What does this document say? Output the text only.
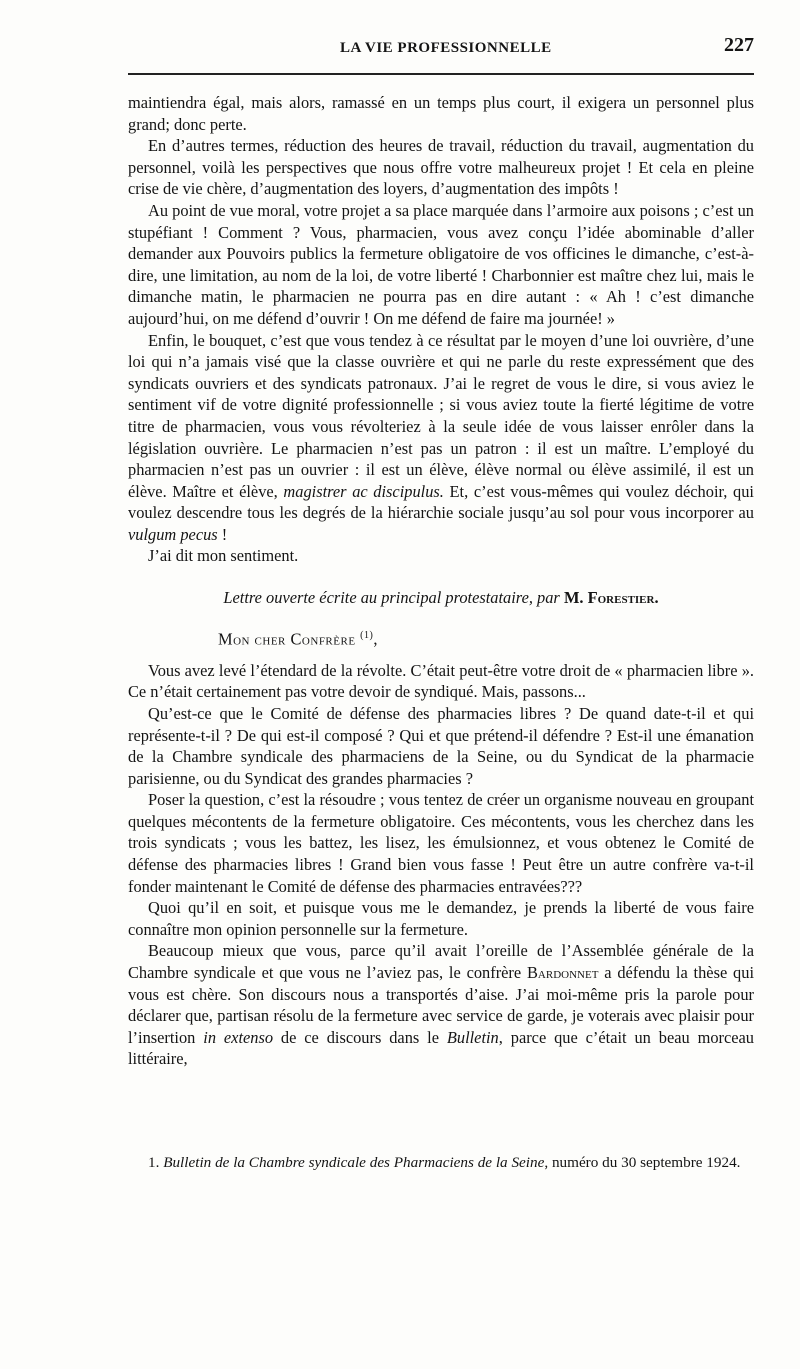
LA VIE PROFESSIONNELLE	227

maintiendra égal, mais alors, ramassé en un temps plus court, il exigera un personnel plus grand; donc perte.

En d’autres termes, réduction des heures de travail, réduction du travail, augmentation du personnel, voilà les perspectives que nous offre votre malheureux projet ! Et cela en pleine crise de vie chère, d’augmentation des loyers, d’augmentation des impôts !

Au point de vue moral, votre projet a sa place marquée dans l’armoire aux poisons ; c’est un stupéfiant ! Comment ? Vous, pharmacien, vous avez conçu l’idée abominable d’aller demander aux Pouvoirs publics la fermeture obligatoire de vos officines le dimanche, c’est-à-dire, une limitation, au nom de la loi, de votre liberté ! Charbonnier est maître chez lui, mais le dimanche matin, le pharmacien ne pourra pas en dire autant : « Ah ! c’est dimanche aujourd’hui, on me défend d’ouvrir ! On me défend de faire ma journée! »

Enfin, le bouquet, c’est que vous tendez à ce résultat par le moyen d’une loi ouvrière, d’une loi qui n’a jamais visé que la classe ouvrière et qui ne parle du reste expressément que des syndicats ouvriers et des syndicats patronaux. J’ai le regret de vous le dire, si vous aviez le sentiment vif de votre dignité professionnelle ; si vous aviez toute la fierté légitime de votre titre de pharmacien, vous vous révolteriez à la seule idée de vous laisser enrôler dans la législation ouvrière. Le pharmacien n’est pas un patron : il est un maître. L’employé du pharmacien n’est pas un ouvrier : il est un élève, élève normal ou élève assimilé, il est un élève. Maître et élève, magistrer ac discipulus. Et, c’est vous-mêmes qui voulez déchoir, qui voulez descendre tous les degrés de la hiérarchie sociale jusqu’au sol pour vous incorporer au vulgum pecus !

J’ai dit mon sentiment.

Lettre ouverte écrite au principal protestataire, par M. Forestier.

Mon cher Confrère $^{(1)}$,

Vous avez levé l’étendard de la révolte. C’était peut-être votre droit de « pharmacien libre ». Ce n’était certainement pas votre devoir de syndiqué. Mais, passons...

Qu’est-ce que le Comité de défense des pharmacies libres ? De quand date-t-il et qui représente-t-il ? De qui est-il composé ? Qui et que prétend-il défendre ? Est-il une émanation de la Chambre syndicale des pharmaciens de la Seine, ou du Syndicat de la pharmacie parisienne, ou du Syndicat des grandes pharmacies ?

Poser la question, c’est la résoudre ; vous tentez de créer un organisme nouveau en groupant quelques mécontents de la fermeture obligatoire. Ces mécontents, vous les cherchez dans les trois syndicats ; vous les battez, les lisez, les émulsionnez, et vous obtenez le Comité de défense des pharmacies libres ! Grand bien vous fasse ! Peut être un autre confrère va-t-il fonder maintenant le Comité de défense des pharmacies entravées???

Quoi qu’il en soit, et puisque vous me le demandez, je prends la liberté de vous faire connaître mon opinion personnelle sur la fermeture.

Beaucoup mieux que vous, parce qu’il avait l’oreille de l’Assemblée générale de la Chambre syndicale et que vous ne l’aviez pas, le confrère Bardonnet a défendu la thèse qui vous est chère. Son discours nous a transportés d’aise. J’ai moi-même pris la parole pour déclarer que, partisan résolu de la fermeture avec service de garde, je voterais avec plaisir pour l’insertion in extenso de ce discours dans le Bulletin, parce que c’était un beau morceau littéraire,

1. Bulletin de la Chambre syndicale des Pharmaciens de la Seine, numéro du 30 septembre 1924.
